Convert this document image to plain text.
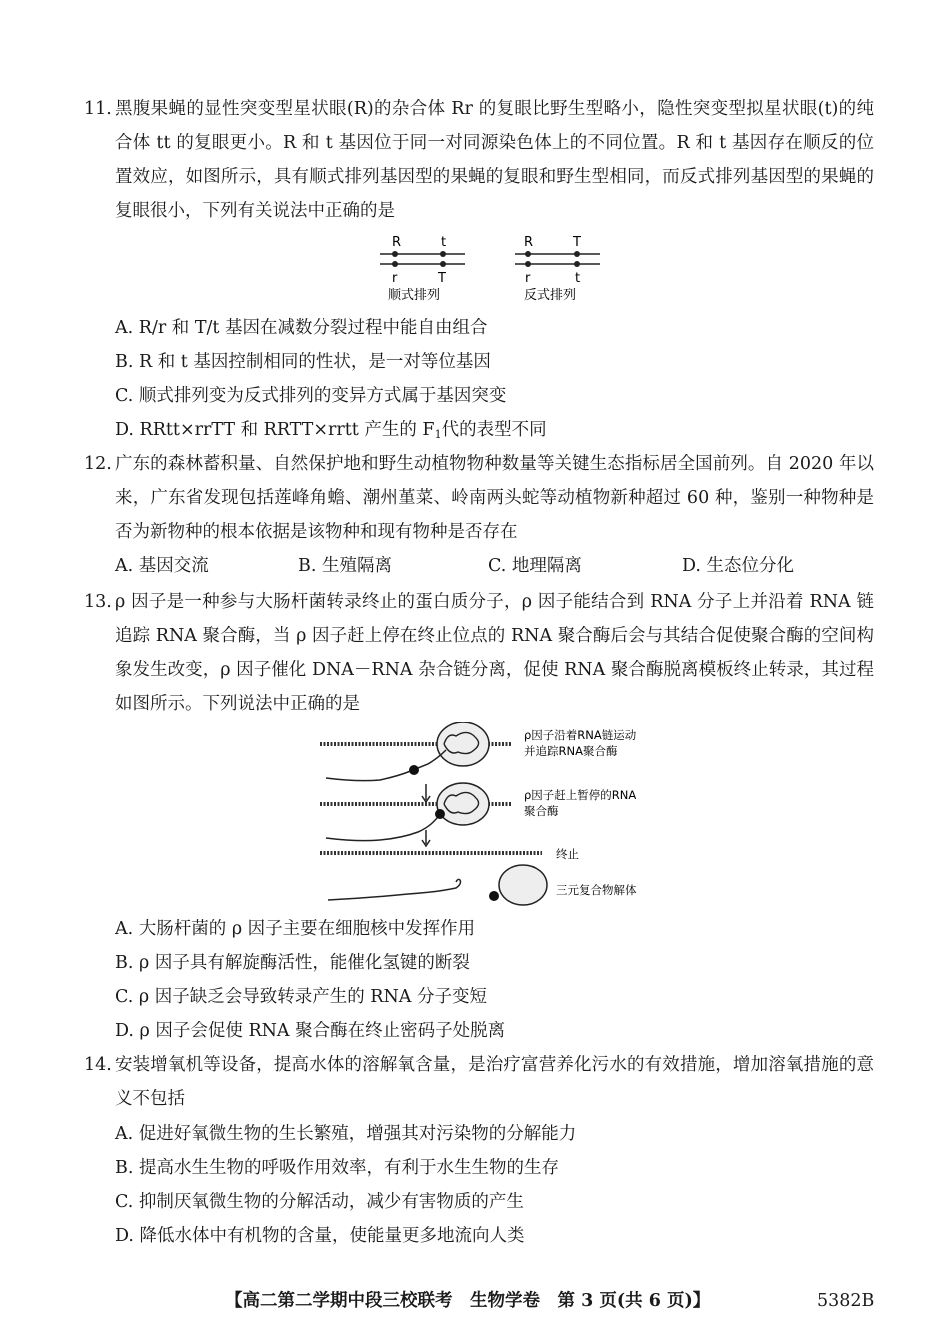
11. 黑腹果蝇的显性突变型星状眼(R)的杂合体 Rr 的复眼比野生型略小，隐性突变型拟星状眼(t)的纯合体 tt 的复眼更小。R 和 t 基因位于同一对同源染色体上的不同位置。R 和 t 基因存在顺反的位置效应，如图所示，具有顺式排列基因型的果蝇的复眼和野生型相同，而反式排列基因型的果蝇的复眼很小，下列有关说法中正确的是
R	t
r	T
顺式排列
R	T
r	t
反式排列
A. R/r 和 T/t 基因在减数分裂过程中能自由组合
B. R 和 t 基因控制相同的性状，是一对等位基因
C. 顺式排列变为反式排列的变异方式属于基因突变
D. RRtt×rrTT 和 RRTT×rrtt 产生的 $F_1$代的表型不同
12. 广东的森林蓄积量、自然保护地和野生动植物物种数量等关键生态指标居全国前列。自 2020 年以来，广东省发现包括莲峰角蟾、潮州堇菜、岭南两头蛇等动植物新种超过 60 种，鉴别一种物种是否为新物种的根本依据是该物种和现有物种是否存在
A. 基因交流	B. 生殖隔离	C. 地理隔离	D. 生态位分化
13. ρ 因子是一种参与大肠杆菌转录终止的蛋白质分子，ρ 因子能结合到 RNA 分子上并沿着 RNA 链追踪 RNA 聚合酶，当 ρ 因子赶上停在终止位点的 RNA 聚合酶后会与其结合促使聚合酶的空间构象发生改变，ρ 因子催化 DNA－RNA 杂合链分离，促使 RNA 聚合酶脱离模板终止转录，其过程如图所示。下列说法中正确的是
ρ因子沿着RNA链运动
并追踪RNA聚合酶
ρ因子赶上暂停的RNA
聚合酶
终止
三元复合物解体
A. 大肠杆菌的 ρ 因子主要在细胞核中发挥作用
B. ρ 因子具有解旋酶活性，能催化氢键的断裂
C. ρ 因子缺乏会导致转录产生的 RNA 分子变短
D. ρ 因子会促使 RNA 聚合酶在终止密码子处脱离
14. 安装增氧机等设备，提高水体的溶解氧含量，是治疗富营养化污水的有效措施，增加溶氧措施的意义不包括
A. 促进好氧微生物的生长繁殖，增强其对污染物的分解能力
B. 提高水生生物的呼吸作用效率，有利于水生生物的生存
C. 抑制厌氧微生物的分解活动，减少有害物质的产生
D. 降低水体中有机物的含量，使能量更多地流向人类
【高二第二学期中段三校联考　生物学卷　第 3 页(共 6 页)】	5382B
